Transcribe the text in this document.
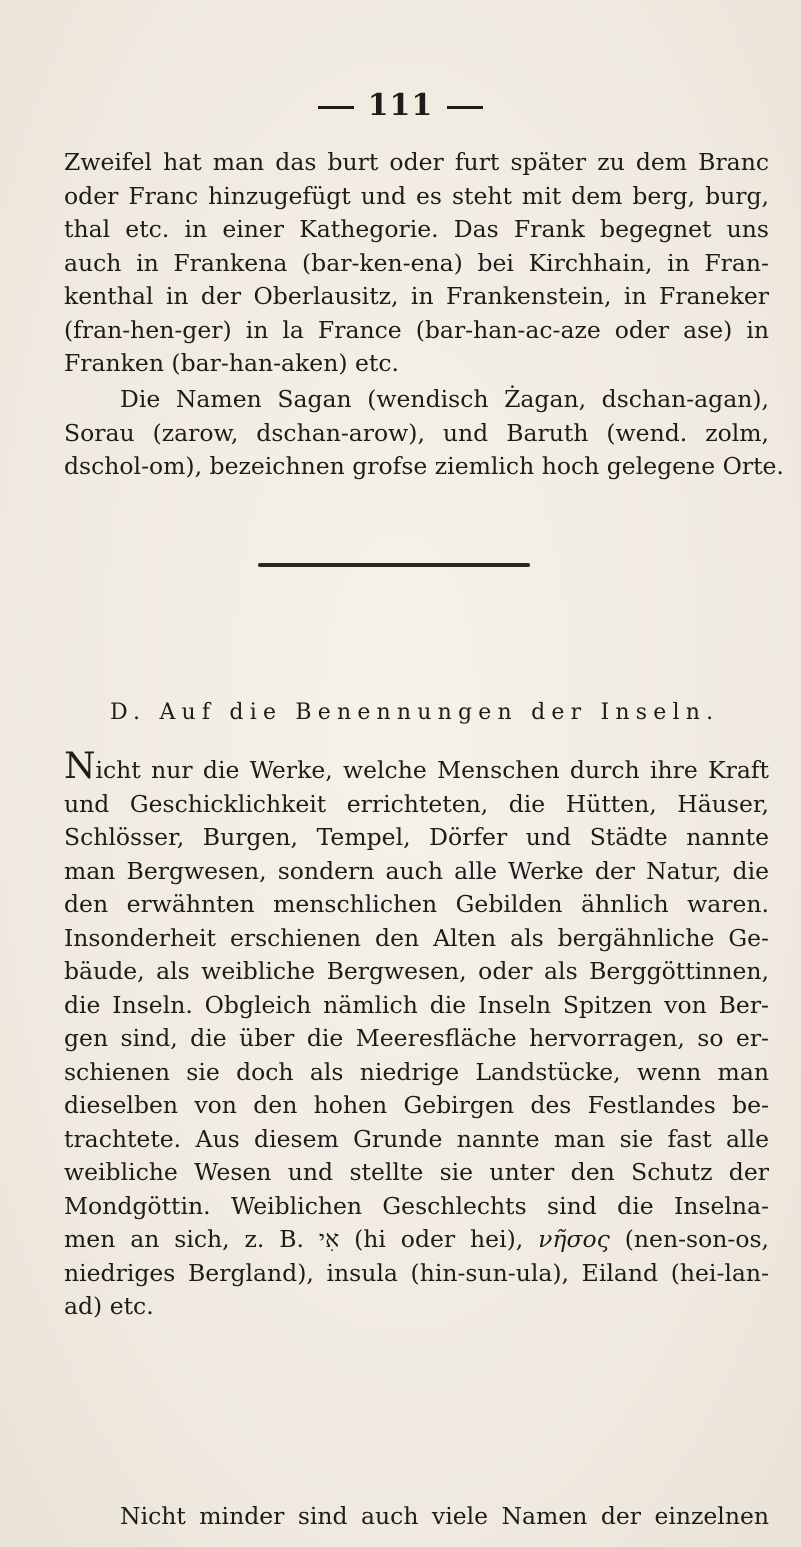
111
Zweifel hat man das burt oder furt später zu dem Branc
oder Franc hinzugefügt und es steht mit dem berg, burg,
thal etc. in einer Kathegorie. Das Frank begegnet uns
auch in Frankena (bar-ken-ena) bei Kirchhain, in Fran-
kenthal in der Oberlausitz, in Frankenstein, in Franeker
(fran-hen-ger) in la France (bar-han-ac-aze oder ase) in
Franken (bar-han-aken) etc.
Die Namen Sagan (wendisch Żagan, dschan-agan),
Sorau (zarow, dschan-arow), und Baruth (wend. zolm,
dschol-om), bezeichnen grofse ziemlich hoch gelegene Orte.
D. Auf die Benennungen der Inseln.
Nicht nur die Werke, welche Menschen durch ihre Kraft
und Geschicklichkeit errichteten, die Hütten, Häuser,
Schlösser, Burgen, Tempel, Dörfer und Städte nannte
man Bergwesen, sondern auch alle Werke der Natur, die
den erwähnten menschlichen Gebilden ähnlich waren.
Insonderheit erschienen den Alten als bergähnliche Ge-
bäude, als weibliche Bergwesen, oder als Berggöttinnen,
die Inseln. Obgleich nämlich die Inseln Spitzen von Ber-
gen sind, die über die Meeresfläche hervorragen, so er-
schienen sie doch als niedrige Landstücke, wenn man
dieselben von den hohen Gebirgen des Festlandes be-
trachtete. Aus diesem Grunde nannte man sie fast alle
weibliche Wesen und stellte sie unter den Schutz der
Mondgöttin. Weiblichen Geschlechts sind die Inselna-
men an sich, z. B. אִי (hi oder hei), νῆσος (nen-son-os,
niedriges Bergland), insula (hin-sun-ula), Eiland (hei-lan-
ad) etc.
Nicht minder sind auch viele Namen der einzelnen
